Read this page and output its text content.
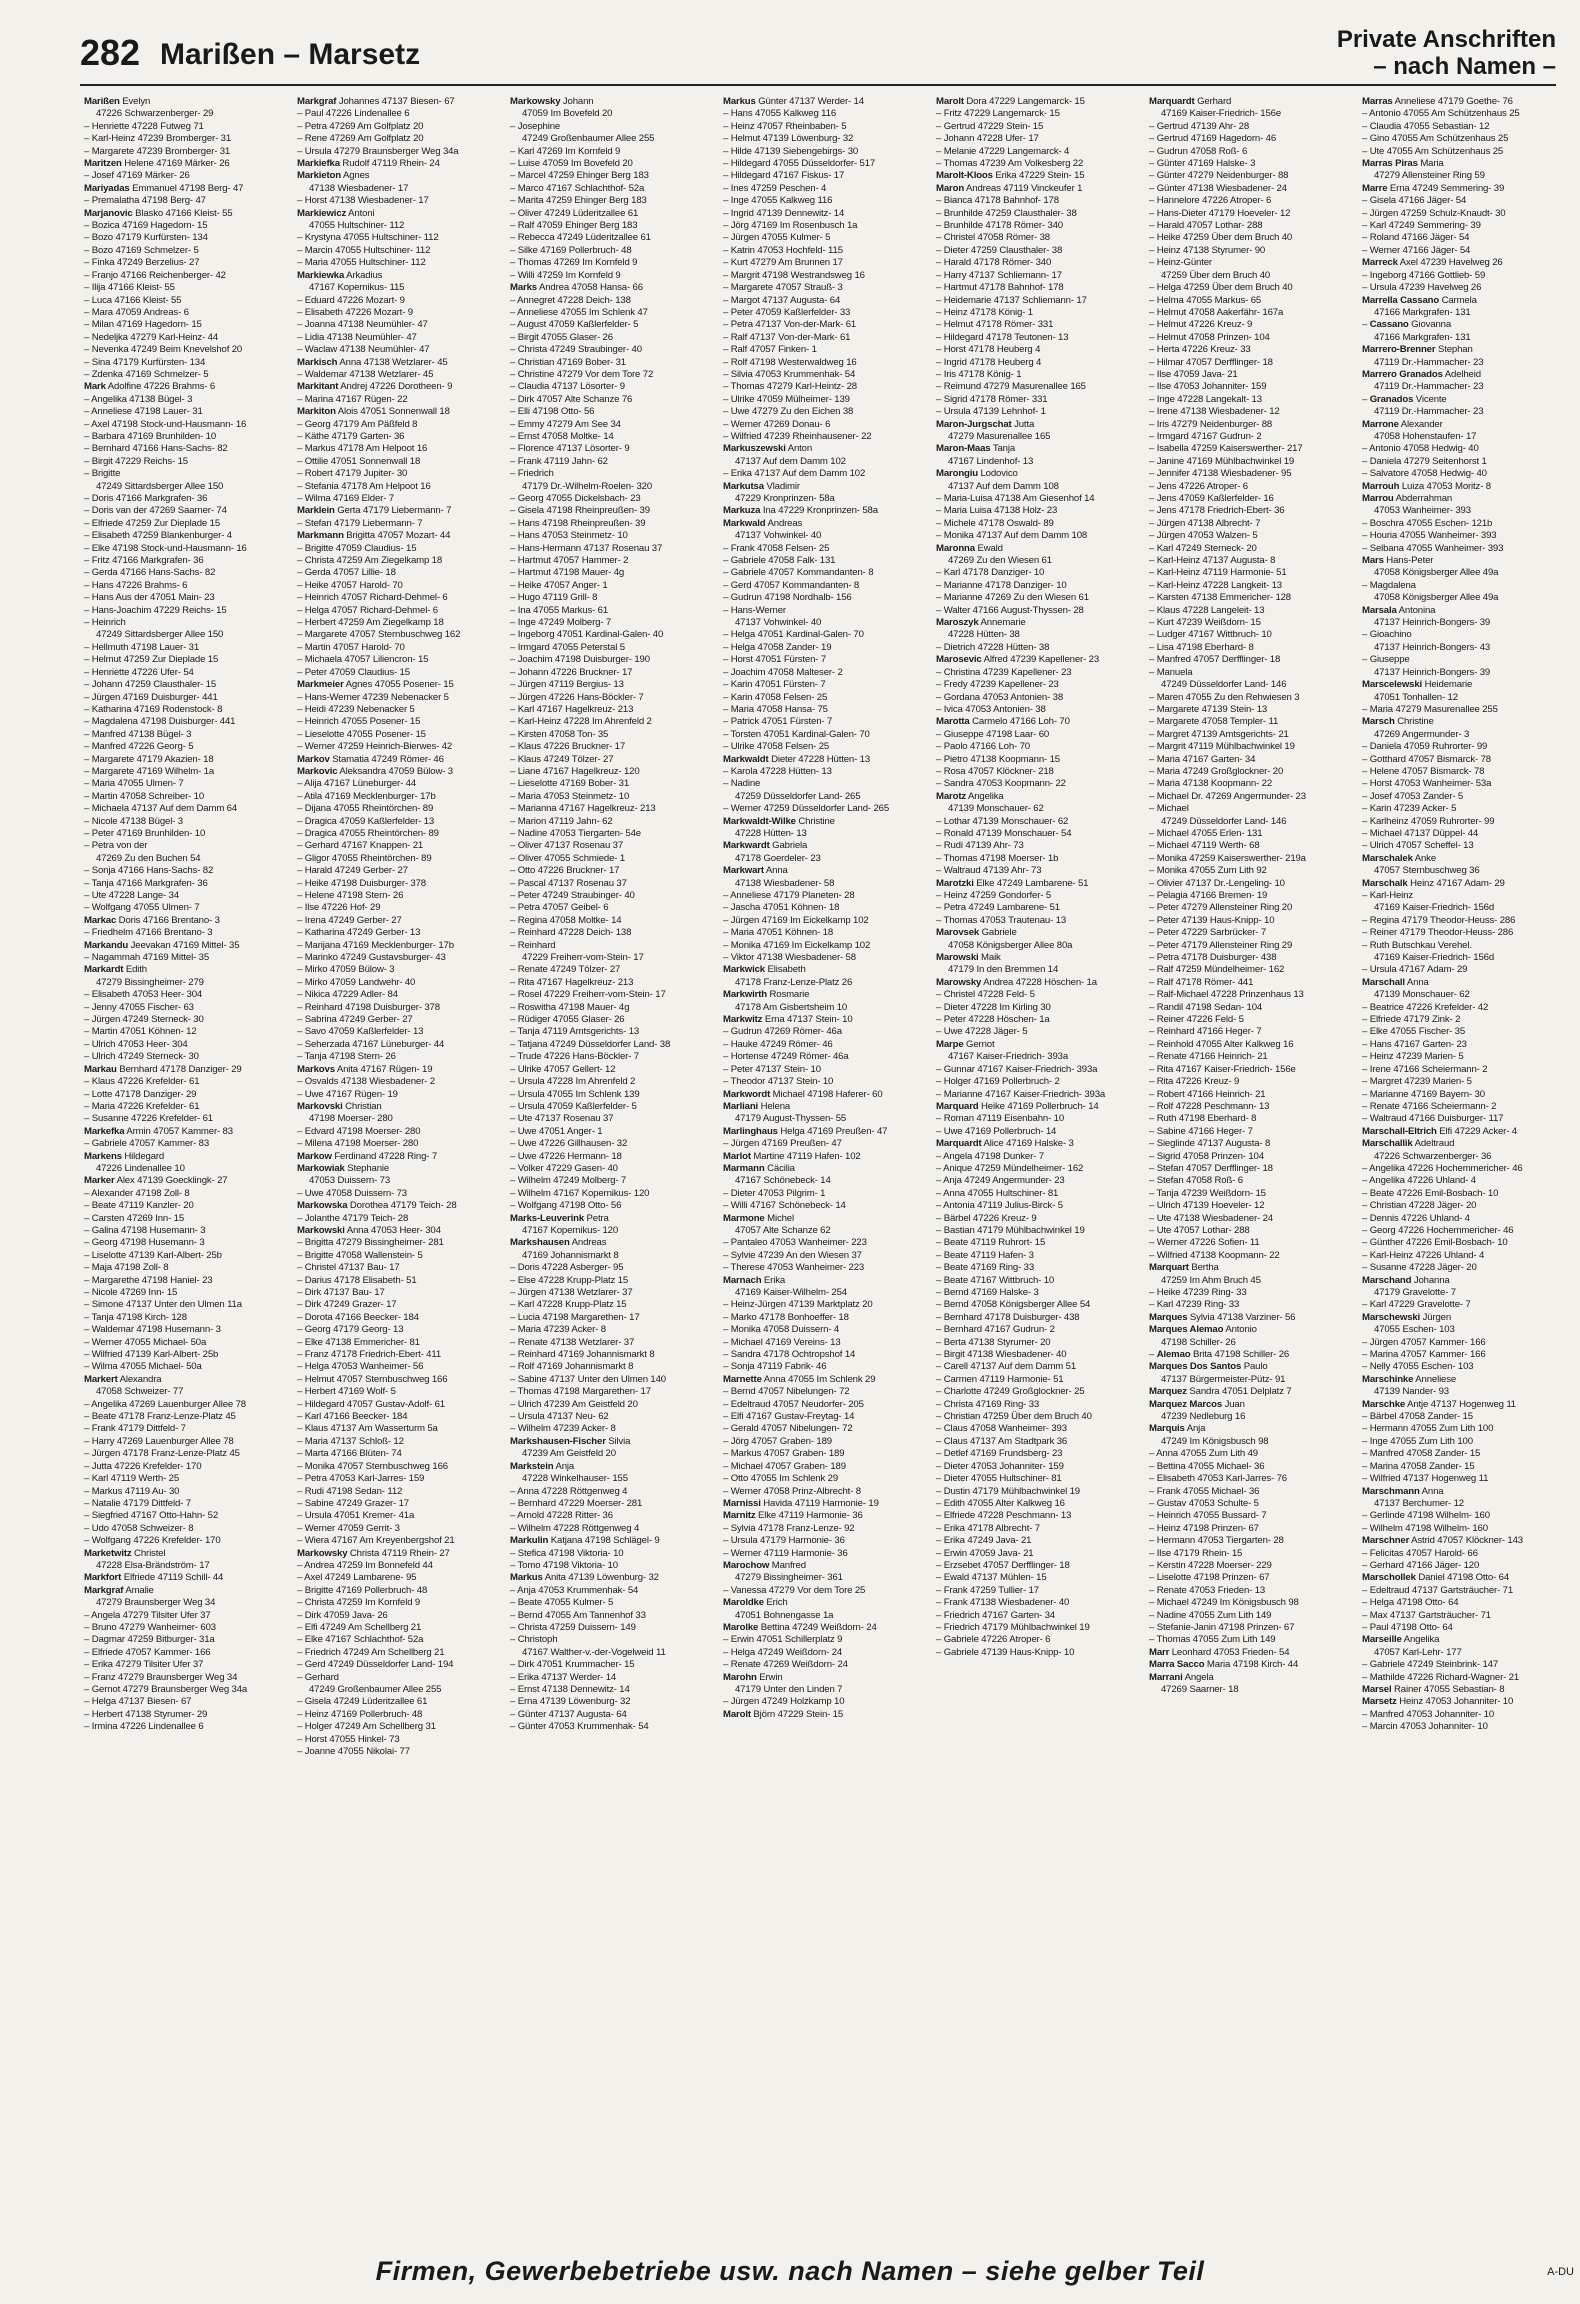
282 Marißen – Marsetz	Private Anschriften
– nach Namen –
Marißen Evelyn
47226 Schwarzenberger- 29
– Henriette 47228 Futweg 71
– Karl-Heinz 47239 Bromberger- 31
– Margarete 47239 Bromberger- 31
Maritzen Helene 47169 Märker- 26
– Josef 47169 Märker- 26
Mariyadas Emmanuel 47198 Berg- 47
– Premalatha 47198 Berg- 47
Marjanovic Blasko 47166 Kleist- 55
– Bozica 47169 Hagedorn- 15
– Bozo 47179 Kurfürsten- 134
– Bozo 47169 Schmelzer- 5
– Finka 47249 Berzelius- 27
– Franjo 47166 Reichenberger- 42
– Ilija 47166 Kleist- 55
– Luca 47166 Kleist- 55
– Mara 47059 Andreas- 6
– Milan 47169 Hagedorn- 15
– Nedeljka 47279 Karl-Heinz- 44
– Nevenka 47249 Beim Knevelshof 20
– Sina 47179 Kurfürsten- 134
– Zdenka 47169 Schmelzer- 5
Mark Adolfine 47226 Brahms- 6
– Angelika 47138 Bügel- 3
– Anneliese 47198 Lauer- 31
– Axel 47198 Stock-und-Hausmann- 16
– Barbara 47169 Brunhilden- 10
– Bernhard 47166 Hans-Sachs- 82
– Birgit 47229 Reichs- 15
– Brigitte
47249 Sittardsberger Allee 150
– Doris 47166 Markgrafen- 36
– Doris van der 47269 Saarner- 74
– Elfriede 47259 Zur Dieplade 15
– Elisabeth 47259 Blankenburger- 4
– Elke 47198 Stock-und-Hausmann- 16
– Fritz 47166 Markgrafen- 36
– Gerda 47166 Hans-Sachs- 82
– Hans 47226 Brahms- 6
– Hans Aus der 47051 Main- 23
– Hans-Joachim 47229 Reichs- 15
– Heinrich
47249 Sittardsberger Allee 150
– Hellmuth 47198 Lauer- 31
– Helmut 47259 Zur Dieplade 15
– Henriette 47226 Ufer- 54
– Johann 47259 Clausthaler- 15
– Jürgen 47169 Duisburger- 441
– Katharina 47169 Rodenstock- 8
– Magdalena 47198 Duisburger- 441
– Manfred 47138 Bügel- 3
– Manfred 47226 Georg- 5
– Margarete 47179 Akazien- 18
– Margarete 47169 Wilhelm- 1a
– Maria 47055 Ulmen- 7
– Martin 47058 Schreiber- 10
– Michaela 47137 Auf dem Damm 64
– Nicole 47138 Bügel- 3
– Peter 47169 Brunhilden- 10
– Petra von der
47269 Zu den Buchen 54
– Sonja 47166 Hans-Sachs- 82
– Tanja 47166 Markgrafen- 36
– Ute 47228 Lange- 34
– Wolfgang 47055 Ulmen- 7
Markac Doris 47166 Brentano- 3
– Friedhelm 47166 Brentano- 3
Markandu Jeevakan 47169 Mittel- 35
– Nagammah 47169 Mittel- 35
Markardt Edith
47279 Bissingheimer- 279
– Elisabeth 47053 Heer- 304
– Jenny 47055 Fischer- 63
– Jürgen 47249 Sterneck- 30
– Martin 47051 Köhnen- 12
– Ulrich 47053 Heer- 304
– Ulrich 47249 Sterneck- 30
Markau Bernhard 47178 Danziger- 29
– Klaus 47226 Krefelder- 61
– Lotte 47178 Danziger- 29
– Maria 47226 Krefelder- 61
– Susanne 47226 Krefelder- 61
Markefka Armin 47057 Kammer- 83
– Gabriele 47057 Kammer- 83
Markens Hildegard
47226 Lindenallee 10
Marker Alex 47139 Goecklingk- 27
– Alexander 47198 Zoll- 8
– Beate 47119 Kanzler- 20
– Carsten 47269 Inn- 15
– Galina 47198 Husemann- 3
– Georg 47198 Husemann- 3
– Liselotte 47139 Karl-Albert- 25b
– Maja 47198 Zoll- 8
– Margarethe 47198 Haniel- 23
– Nicole 47269 Inn- 15
– Simone 47137 Unter den Ulmen 11a
– Tanja 47198 Kirch- 128
– Waldemar 47198 Husemann- 3
– Werner 47055 Michael- 50a
– Wilfried 47139 Karl-Albert- 25b
– Wilma 47055 Michael- 50a
Markert Alexandra
47058 Schweizer- 77
– Angelika 47269 Lauenburger Allee 78
– Beate 47178 Franz-Lenze-Platz 45
– Frank 47179 Dittfeld- 7
– Harry 47269 Lauenburger Allee 78
– Jürgen 47178 Franz-Lenze-Platz 45
– Jutta 47226 Krefelder- 170
– Karl 47119 Werth- 25
– Markus 47119 Au- 30
– Natalie 47179 Dittfeld- 7
– Siegfried 47167 Otto-Hahn- 52
– Udo 47058 Schweizer- 8
– Wolfgang 47226 Krefelder- 170
Marketwitz Christel
47228 Elsa-Brändström- 17
Markfort Elfriede 47119 Schill- 44
Markgraf Amalie
47279 Braunsberger Weg 34
– Angela 47279 Tilsiter Ufer 37
– Bruno 47279 Wanheimer- 603
– Dagmar 47259 Bitburger- 31a
– Elfriede 47057 Kammer- 166
– Erika 47279 Tilsiter Ufer 37
– Franz 47279 Braunsberger Weg 34
– Gernot 47279 Braunsberger Weg 34a
– Helga 47137 Biesen- 67
– Herbert 47138 Styrumer- 29
– Irmina 47226 Lindenallee 6
Markgraf Johannes 47137 Biesen- 67
– Paul 47226 Lindenallee 6
– Petra 47269 Am Golfplatz 20
– Rene 47269 Am Golfplatz 20
– Ursula 47279 Braunsberger Weg 34a
Markiefka Rudolf 47119 Rhein- 24
Markieton Agnes
47138 Wiesbadener- 17
– Horst 47138 Wiesbadener- 17
Markiewicz Antoni
47055 Hultschiner- 112
– Krystyna 47055 Hultschiner- 112
– Marcin 47055 Hultschiner- 112
– Maria 47055 Hultschiner- 112
Markiewka Arkadius
47167 Kopernikus- 115
– Eduard 47226 Mozart- 9
– Elisabeth 47226 Mozart- 9
– Joanna 47138 Neumühler- 47
– Lidia 47138 Neumühler- 47
– Waclaw 47138 Neumühler- 47
Markisch Anna 47138 Wetzlarer- 45
– Waldemar 47138 Wetzlarer- 45
Markitant Andrej 47226 Dorotheen- 9
– Marina 47167 Rügen- 22
Markiton Alois 47051 Sonnenwall 18
– Georg 47179 Am Päßfeld 8
– Käthe 47179 Garten- 36
– Markus 47178 Am Helpoot 16
– Ottilie 47051 Sonnenwall 18
– Robert 47179 Jupiter- 30
– Stefania 47178 Am Helpoot 16
– Wilma 47169 Elder- 7
Marklein Gerta 47179 Liebermann- 7
– Stefan 47179 Liebermann- 7
Markmann Brigitta 47057 Mozart- 44
– Brigitte 47059 Claudius- 15
– Christa 47259 Am Ziegelkamp 18
– Gerda 47057 Lillie- 18
– Heike 47057 Harold- 70
– Heinrich 47057 Richard-Dehmel- 6
– Helga 47057 Richard-Dehmel- 6
– Herbert 47259 Am Ziegelkamp 18
– Margarete 47057 Sternbuschweg 162
– Martin 47057 Harold- 70
– Michaela 47057 Liliencron- 15
– Peter 47059 Claudius- 15
Markmeier Agnes 47055 Posener- 15
– Hans-Werner 47239 Nebenacker 5
– Heidi 47239 Nebenacker 5
– Heinrich 47055 Posener- 15
– Lieselotte 47055 Posener- 15
– Werner 47259 Heinrich-Bierwes- 42
Markov Stamatia 47249 Römer- 46
Markovic Aleksandra 47059 Bülow- 3
– Alija 47167 Lüneburger- 44
– Atila 47169 Mecklenburger- 17b
– Dijana 47055 Rheintörchen- 89
– Dragica 47059 Kaßlerfelder- 13
– Dragica 47055 Rheintörchen- 89
– Gerhard 47167 Knappen- 21
– Gligor 47055 Rheintörchen- 89
– Harald 47249 Gerber- 27
– Heike 47198 Duisburger- 378
– Helene 47198 Stern- 26
– Ilse 47226 Hof- 29
– Irena 47249 Gerber- 27
– Katharina 47249 Gerber- 13
– Marijana 47169 Mecklenburger- 17b
– Marinko 47249 Gustavsburger- 43
– Mirko 47059 Bülow- 3
– Mirko 47059 Landwehr- 40
– Nikica 47229 Adler- 84
– Reinhard 47198 Duisburger- 378
– Sabrina 47249 Gerber- 27
– Savo 47059 Kaßlerfelder- 13
– Seherzada 47167 Lüneburger- 44
– Tanja 47198 Stern- 26
Markovs Anita 47167 Rügen- 19
– Osvalds 47138 Wiesbadener- 2
– Uwe 47167 Rügen- 19
Markovski Christian
47198 Moerser- 280
– Edvard 47198 Moerser- 280
– Milena 47198 Moerser- 280
Markow Ferdinand 47228 Ring- 7
Markowiak Stephanie
47053 Duissern- 73
– Uwe 47058 Duissern- 73
Markowska Dorothea 47179 Teich- 28
– Jolanthe 47179 Teich- 28
Markowski Anna 47053 Heer- 304
– Brigitta 47279 Bissingheimer- 281
– Brigitte 47058 Wallenstein- 5
– Christel 47137 Bau- 17
– Darius 47178 Elisabeth- 51
– Dirk 47137 Bau- 17
– Dirk 47249 Grazer- 17
– Dorota 47166 Beecker- 184
– Georg 47179 Georg- 13
– Elke 47138 Emmericher- 81
– Franz 47178 Friedrich-Ebert- 411
– Helga 47053 Wanheimer- 56
– Helmut 47057 Sternbuschweg 166
– Herbert 47169 Wolf- 5
– Hildegard 47057 Gustav-Adolf- 61
– Karl 47166 Beecker- 184
– Klaus 47137 Am Wasserturm 5a
– Maria 47137 Schloß- 12
– Marta 47166 Blüten- 74
– Monika 47057 Sternbuschweg 166
– Petra 47053 Karl-Jarres- 159
– Rudi 47198 Sedan- 112
– Sabine 47249 Grazer- 17
– Ursula 47051 Kremer- 41a
– Werner 47059 Gerrit- 3
– Wiera 47167 Am Kreyenbergshof 21
Markowsky Christa 47119 Rhein- 27
– Andrea 47259 Im Bonnefeld 44
– Axel 47249 Lambarene- 95
– Brigitte 47169 Pollerbruch- 48
– Christa 47259 Im Kornfeld 9
– Dirk 47059 Java- 26
– Elfi 47249 Am Schellberg 21
– Elke 47167 Schlachthof- 52a
– Friedrich 47249 Am Schellberg 21
– Gerd 47249 Düsseldorfer Land- 194
– Gerhard
47249 Großenbaumer Allee 255
– Gisela 47249 Lüderitzallee 61
– Heinz 47169 Pollerbruch- 48
– Holger 47249 Am Schellberg 31
– Horst 47055 Hinkel- 73
– Joanne 47055 Nikolai- 77
Markowsky Johann
47059 Im Bovefeld 20
– Josephine
47249 Großenbaumer Allee 255
– Karl 47269 Im Kornfeld 9
– Luise 47059 Im Bovefeld 20
– Marcel 47259 Ehinger Berg 183
– Marco 47167 Schlachthof- 52a
– Marita 47259 Ehinger Berg 183
– Oliver 47249 Lüderitzallee 61
– Ralf 47059 Ehinger Berg 183
– Rebecca 47249 Lüderitzallee 61
– Silke 47169 Pollerbruch- 48
– Thomas 47269 Im Kornfeld 9
– Willi 47259 Im Kornfeld 9
Marks Andrea 47058 Hansa- 66
– Annegret 47228 Deich- 138
– Anneliese 47055 Im Schlenk 47
– August 47059 Kaßlerfelder- 5
– Birgit 47055 Glaser- 26
– Christa 47249 Straubinger- 40
– Christian 47169 Bober- 31
– Christine 47279 Vor dem Tore 72
– Claudia 47137 Lösorter- 9
– Dirk 47057 Alte Schanze 76
– Elli 47198 Otto- 56
– Emmy 47279 Am See 34
– Ernst 47058 Moltke- 14
– Florence 47137 Lösorter- 9
– Frank 47119 Jahn- 62
– Friedrich
47179 Dr.-Wilhelm-Roelen- 320
– Georg 47055 Dickelsbach- 23
– Gisela 47198 Rheinpreußen- 39
– Hans 47198 Rheinpreußen- 39
– Hans 47053 Steinmetz- 10
– Hans-Hermann 47137 Rosenau 37
– Hartmut 47057 Hammer- 2
– Hartmut 47198 Mauer- 4g
– Heike 47057 Anger- 1
– Hugo 47119 Grill- 8
– Ina 47055 Markus- 61
– Inge 47249 Molberg- 7
– Ingeborg 47051 Kardinal-Galen- 40
– Irmgard 47055 Peterstal 5
– Joachim 47198 Duisburger- 190
– Johann 47226 Bruckner- 17
– Jürgen 47119 Bergius- 13
– Jürgen 47226 Hans-Böckler- 7
– Karl 47167 Hagelkreuz- 213
– Karl-Heinz 47228 Im Ahrenfeld 2
– Kirsten 47058 Ton- 35
– Klaus 47226 Bruckner- 17
– Klaus 47249 Tölzer- 27
– Liane 47167 Hagelkreuz- 120
– Lieselotte 47169 Bober- 31
– Maria 47053 Steinmetz- 10
– Marianna 47167 Hagelkreuz- 213
– Marion 47119 Jahn- 62
– Nadine 47053 Tiergarten- 54e
– Oliver 47137 Rosenau 37
– Oliver 47055 Schmiede- 1
– Otto 47226 Bruckner- 17
– Pascal 47137 Rosenau 37
– Peter 47249 Straubinger- 40
– Petra 47057 Geibel- 6
– Regina 47058 Moltke- 14
– Reinhard 47228 Deich- 138
– Reinhard
47229 Freiherr-vom-Stein- 17
– Renate 47249 Tölzer- 27
– Rita 47167 Hagelkreuz- 213
– Rosel 47229 Freiherr-vom-Stein- 17
– Roswitha 47198 Mauer- 4g
– Rüdiger 47055 Glaser- 26
– Tanja 47119 Amtsgerichts- 13
– Tatjana 47249 Düsseldorfer Land- 38
– Trude 47226 Hans-Böckler- 7
– Ulrike 47057 Gellert- 12
– Ursula 47228 Im Ahrenfeld 2
– Ursula 47055 Im Schlenk 139
– Ursula 47059 Kaßlerfelder- 5
– Ute 47137 Rosenau 37
– Uwe 47051 Anger- 1
– Uwe 47226 Gillhausen- 32
– Uwe 47226 Hermann- 18
– Volker 47229 Gasen- 40
– Wilhelm 47249 Molberg- 7
– Wilhelm 47167 Kopernikus- 120
– Wolfgang 47198 Otto- 56
Marks-Leuverink Petra
47167 Kopernikus- 120
Markshausen Andreas
47169 Johannismarkt 8
– Doris 47228 Asberger- 95
– Else 47228 Krupp-Platz 15
– Jürgen 47138 Wetzlarer- 37
– Karl 47228 Krupp-Platz 15
– Lucia 47198 Margarethen- 17
– Maria 47239 Acker- 8
– Renate 47138 Wetzlarer- 37
– Reinhard 47169 Johannismarkt 8
– Rolf 47169 Johannismarkt 8
– Sabine 47137 Unter den Ulmen 140
– Thomas 47198 Margarethen- 17
– Ulrich 47239 Am Geistfeld 20
– Ursula 47137 Neu- 62
– Wilhelm 47239 Acker- 8
Markshausen-Fischer Silvia
47239 Am Geistfeld 20
Markstein Anja
47228 Winkelhauser- 155
– Anna 47228 Röttgenweg 4
– Bernhard 47229 Moerser- 281
– Arnold 47228 Ritter- 36
– Wilhelm 47228 Röttgenweg 4
Markulin Katjana 47198 Schlägel- 9
– Stefica 47198 Viktoria- 10
– Tomo 47198 Viktoria- 10
Markus Anita 47139 Löwenburg- 32
– Anja 47053 Krummenhak- 54
– Beate 47055 Kulmer- 5
– Bernd 47055 Am Tannenhof 33
– Christa 47259 Duissern- 149
– Christoph
47167 Walther-v.-der-Vogelweid 11
– Dirk 47051 Krummacher- 15
– Erika 47137 Werder- 14
– Ernst 47138 Dennewitz- 14
– Erna 47139 Löwenburg- 32
– Günter 47137 Augusta- 64
– Günter 47053 Krummenhak- 54
Markus Günter 47137 Werder- 14
– Hans 47055 Kalkweg 116
– Heinz 47057 Rheinbaben- 5
– Helmut 47139 Löwenburg- 32
– Hilde 47139 Siebengebirgs- 30
– Hildegard 47055 Düsseldorfer- 517
– Hildegard 47167 Fiskus- 17
– Ines 47259 Peschen- 4
– Inge 47055 Kalkweg 116
– Ingrid 47139 Dennewitz- 14
– Jörg 47169 Im Rosenbusch 1a
– Jürgen 47055 Kulmer- 5
– Katrin 47053 Hochfeld- 115
– Kurt 47279 Am Brunnen 17
– Margrit 47198 Westrandsweg 16
– Margarete 47057 Strauß- 3
– Margot 47137 Augusta- 64
– Peter 47059 Kaßlerfelder- 33
– Petra 47137 Von-der-Mark- 61
– Ralf 47137 Von-der-Mark- 61
– Ralf 47057 Finken- 1
– Rolf 47198 Westerwaldweg 16
– Silvia 47053 Krummenhak- 54
– Thomas 47279 Karl-Heintz- 28
– Ulrike 47059 Mülheimer- 139
– Uwe 47279 Zu den Eichen 38
– Werner 47269 Donau- 6
– Wilfried 47239 Rheinhausener- 22
Markuszewski Anton
47137 Auf dem Damm 102
– Erika 47137 Auf dem Damm 102
Markutsa Vladimir
47229 Kronprinzen- 58a
Markuza Ina 47229 Kronprinzen- 58a
Markwald Andreas
47137 Vohwinkel- 40
– Frank 47058 Felsen- 25
– Gabriele 47058 Falk- 131
– Gabriele 47057 Kommandanten- 8
– Gerd 47057 Kommandanten- 8
– Gudrun 47198 Nordhalb- 156
– Hans-Werner
47137 Vohwinkel- 40
– Helga 47051 Kardinal-Galen- 70
– Helga 47058 Zander- 19
– Horst 47051 Fürsten- 7
– Joachim 47058 Malteser- 2
– Karin 47051 Fürsten- 7
– Karin 47058 Felsen- 25
– Maria 47058 Hansa- 75
– Patrick 47051 Fürsten- 7
– Torsten 47051 Kardinal-Galen- 70
– Ulrike 47058 Felsen- 25
Markwaldt Dieter 47228 Hütten- 13
– Karola 47228 Hütten- 13
– Nadine
47259 Düsseldorfer Land- 265
– Werner 47259 Düsseldorfer Land- 265
Markwaldt-Wilke Christine
47228 Hütten- 13
Markwardt Gabriela
47178 Goerdeler- 23
Markwart Anna
47138 Wiesbadener- 58
– Anneliese 47179 Planeten- 28
– Jascha 47051 Köhnen- 18
– Jürgen 47169 Im Eickelkamp 102
– Maria 47051 Köhnen- 18
– Monika 47169 Im Eickelkamp 102
– Viktor 47138 Wiesbadener- 58
Markwick Elisabeth
47178 Franz-Lenze-Platz 26
Markwirth Rosmarie
47178 Am Gisbertsheim 10
Markwitz Erna 47137 Stein- 10
– Gudrun 47269 Römer- 46a
– Hauke 47249 Römer- 46
– Hortense 47249 Römer- 46a
– Peter 47137 Stein- 10
– Theodor 47137 Stein- 10
Markwordt Michael 47198 Haferer- 60
Marliani Helena
47179 August-Thyssen- 55
Marlinghaus Helga 47169 Preußen- 47
– Jürgen 47169 Preußen- 47
Marlot Martine 47119 Hafen- 102
Marmann Cäcilia
47167 Schönebeck- 14
– Dieter 47053 Pilgrim- 1
– Willi 47167 Schönebeck- 14
Marmone Michel
47057 Alte Schanze 62
– Pantaleo 47053 Wanheimer- 223
– Sylvie 47239 An den Wiesen 37
– Therese 47053 Wanheimer- 223
Marnach Erika
47169 Kaiser-Wilhelm- 254
– Heinz-Jürgen 47139 Marktplatz 20
– Marko 47178 Bonhoeffer- 18
– Monika 47058 Duissern- 4
– Michael 47169 Vereins- 13
– Sandra 47178 Ochtropshof 14
– Sonja 47119 Fabrik- 46
Marnette Anna 47055 Im Schlenk 29
– Bernd 47057 Nibelungen- 72
– Edeltraud 47057 Neudorfer- 205
– Elfi 47167 Gustav-Freytag- 14
– Gerald 47057 Nibelungen- 72
– Jörg 47057 Graben- 189
– Markus 47057 Graben- 189
– Michael 47057 Graben- 189
– Otto 47055 Im Schlenk 29
– Werner 47058 Prinz-Albrecht- 8
Marnissi Havida 47119 Harmonie- 19
Marnitz Elke 47119 Harmonie- 36
– Sylvia 47178 Franz-Lenze- 92
– Ursula 47179 Harmonie- 36
– Werner 47119 Harmonie- 36
Marochow Manfred
47279 Bissingheimer- 361
– Vanessa 47279 Vor dem Tore 25
Maroldke Erich
47051 Bohnengasse 1a
Marolke Bettina 47249 Weißdorn- 24
– Erwin 47051 Schillerplatz 9
– Helga 47249 Weißdorn- 24
– Renate 47269 Weißdorn- 24
Marohn Erwin
47179 Unter den Linden 7
– Jürgen 47249 Holzkamp 10
Marolt Björn 47229 Stein- 15
Marolt Dora 47229 Langemarck- 15
– Fritz 47229 Langemarck- 15
– Gertrud 47229 Stein- 15
– Johann 47228 Ufer- 17
– Melanie 47229 Langemarck- 4
– Thomas 47239 Am Volkesberg 22
Marolt-Kloos Erika 47229 Stein- 15
Maron Andreas 47119 Vinckeufer 1
– Bianca 47178 Bahnhof- 178
– Brunhilde 47259 Clausthaler- 38
– Brunhilde 47178 Römer- 340
– Christel 47058 Römer- 38
– Dieter 47259 Clausthaler- 38
– Harald 47178 Römer- 340
– Harry 47137 Schliemann- 17
– Hartmut 47178 Bahnhof- 178
– Heidemarie 47137 Schliemann- 17
– Heinz 47178 König- 1
– Helmut 47178 Römer- 331
– Hildegard 47178 Teutonen- 13
– Horst 47178 Heuberg 4
– Ingrid 47178 Heuberg 4
– Iris 47178 König- 1
– Reimund 47279 Masurenallee 165
– Sigrid 47178 Römer- 331
– Ursula 47139 Lehnhof- 1
Maron-Jurgschat Jutta
47279 Masurenallee 165
Maron-Maas Tanja
47167 Lindenhof- 13
Marongiu Lodovico
47137 Auf dem Damm 108
– Maria-Luisa 47138 Am Giesenhof 14
– Maria Luisa 47138 Holz- 23
– Michele 47178 Oswald- 89
– Monika 47137 Auf dem Damm 108
Maronna Ewald
47269 Zu den Wiesen 61
– Karl 47178 Danziger- 10
– Marianne 47178 Danziger- 10
– Marianne 47269 Zu den Wiesen 61
– Walter 47166 August-Thyssen- 28
Maroszyk Annemarie
47228 Hütten- 38
– Dietrich 47228 Hütten- 38
Marosevic Alfred 47239 Kapellener- 23
– Christina 47239 Kapellener- 23
– Fredy 47239 Kapellener- 23
– Gordana 47053 Antonien- 38
– Ivica 47053 Antonien- 38
Marotta Carmelo 47166 Loh- 70
– Giuseppe 47198 Laar- 60
– Paolo 47166 Loh- 70
– Pietro 47138 Koopmann- 15
– Rosa 47057 Klöckner- 218
– Sandra 47053 Koopmann- 22
Marotz Angelika
47139 Monschauer- 62
– Lothar 47139 Monschauer- 62
– Ronald 47139 Monschauer- 54
– Rudi 47139 Ahr- 73
– Thomas 47198 Moerser- 1b
– Waltraud 47139 Ahr- 73
Marotzki Elke 47249 Lambarene- 51
– Heinz 47259 Gondorfer- 5
– Petra 47249 Lambarene- 51
– Thomas 47053 Trautenau- 13
Marovsek Gabriele
47058 Königsberger Allee 80a
Marowski Maik
47179 In den Bremmen 14
Marowsky Andrea 47228 Höschen- 1a
– Christel 47228 Feld- 5
– Dieter 47228 Im Kirling 30
– Peter 47228 Höschen- 1a
– Uwe 47228 Jäger- 5
Marpe Gernot
47167 Kaiser-Friedrich- 393a
– Gunnar 47167 Kaiser-Friedrich- 393a
– Holger 47169 Pollerbruch- 2
– Marianne 47167 Kaiser-Friedrich- 393a
Marquard Heike 47169 Pollerbruch- 14
– Roman 47119 Eisenbahn- 10
– Uwe 47169 Pollerbruch- 14
Marquardt Alice 47169 Halske- 3
– Angela 47198 Dunker- 7
– Anique 47259 Mündelheimer- 162
– Anja 47249 Angermunder- 23
– Anna 47055 Hultschiner- 81
– Antonia 47119 Julius-Birck- 5
– Bärbel 47226 Kreuz- 9
– Bastian 47179 Mühlbachwinkel 19
– Beate 47119 Ruhrort- 15
– Beate 47119 Hafen- 3
– Beate 47169 Ring- 33
– Beate 47167 Wittbruch- 10
– Bernd 47169 Halske- 3
– Bernd 47058 Königsberger Allee 54
– Bernhard 47178 Duisburger- 438
– Bernhard 47167 Gudrun- 2
– Berta 47138 Styrumer- 20
– Birgit 47138 Wiesbadener- 40
– Carell 47137 Auf dem Damm 51
– Carmen 47119 Harmonie- 51
– Charlotte 47249 Großglockner- 25
– Christa 47169 Ring- 33
– Christian 47259 Über dem Bruch 40
– Claus 47058 Wanheimer- 393
– Claus 47137 Am Stadtpark 36
– Detlef 47169 Frundsberg- 23
– Dieter 47053 Johanniter- 159
– Dieter 47055 Hultschiner- 81
– Dustin 47179 Mühlbachwinkel 19
– Edith 47055 Alter Kalkweg 16
– Elfriede 47228 Peschmann- 13
– Erika 47178 Albrecht- 7
– Erika 47249 Java- 21
– Erwin 47059 Java- 21
– Erzsebet 47057 Derfflinger- 18
– Ewald 47137 Mühlen- 15
– Frank 47259 Tullier- 17
– Frank 47138 Wiesbadener- 40
– Friedrich 47167 Garten- 34
– Friedrich 47179 Mühlbachwinkel 19
– Gabriele 47226 Atroper- 6
– Gabriele 47139 Haus-Knipp- 10
Marquardt Gerhard
47169 Kaiser-Friedrich- 156e
– Gertrud 47139 Ahr- 28
– Gertrud 47169 Hagedorn- 46
– Gudrun 47058 Roß- 6
– Günter 47169 Halske- 3
– Günter 47279 Neidenburger- 88
– Günter 47138 Wiesbadener- 24
– Hannelore 47226 Atroper- 6
– Hans-Dieter 47179 Hoeveler- 12
– Harald 47057 Lothar- 288
– Heike 47259 Über dem Bruch 40
– Heinz 47138 Styrumer- 90
– Heinz-Günter
47259 Über dem Bruch 40
– Helga 47259 Über dem Bruch 40
– Helma 47055 Markus- 65
– Helmut 47058 Aakerfähr- 167a
– Helmut 47226 Kreuz- 9
– Helmut 47058 Prinzen- 104
– Herta 47226 Kreuz- 33
– Hilmar 47057 Derfflinger- 18
– Ilse 47059 Java- 21
– Ilse 47053 Johanniter- 159
– Inge 47228 Langekalt- 13
– Irene 47138 Wiesbadener- 12
– Iris 47279 Neidenburger- 88
– Irmgard 47167 Gudrun- 2
– Isabella 47259 Kaiserswerther- 217
– Janine 47169 Mühlbachwinkel 19
– Jennifer 47138 Wiesbadener- 95
– Jens 47226 Atroper- 6
– Jens 47059 Kaßlerfelder- 16
– Jens 47178 Friedrich-Ebert- 36
– Jürgen 47138 Albrecht- 7
– Jürgen 47053 Walzen- 5
– Karl 47249 Sterneck- 20
– Karl-Heinz 47137 Augusta- 8
– Karl-Heinz 47119 Harmonie- 51
– Karl-Heinz 47228 Langkeit- 13
– Karsten 47138 Emmericher- 128
– Klaus 47228 Langeleit- 13
– Kurt 47239 Weißdorn- 15
– Ludger 47167 Wittbruch- 10
– Lisa 47198 Eberhard- 8
– Manfred 47057 Derfflinger- 18
– Manuela
47249 Düsseldorfer Land- 146
– Maren 47055 Zu den Rehwiesen 3
– Margarete 47139 Stein- 13
– Margarete 47058 Templer- 11
– Margret 47139 Amtsgerichts- 21
– Margrit 47119 Mühlbachwinkel 19
– Maria 47167 Garten- 34
– Maria 47249 Großglockner- 20
– Maria 47138 Koopmann- 22
– Michael Dr. 47269 Angermunder- 23
– Michael
47249 Düsseldorfer Land- 146
– Michael 47055 Erlen- 131
– Michael 47119 Werth- 68
– Monika 47259 Kaiserswerther- 219a
– Monika 47055 Zum Lith 92
– Olivier 47137 Dr.-Lengeling- 10
– Pelagia 47166 Bremen- 19
– Peter 47279 Allensteiner Ring 20
– Peter 47139 Haus-Knipp- 10
– Peter 47229 Sarbrücker- 7
– Peter 47179 Allensteiner Ring 29
– Petra 47178 Duisburger- 438
– Ralf 47259 Mündelheimer- 162
– Ralf 47178 Römer- 441
– Ralf-Michael 47228 Prinzenhaus 13
– Randil 47198 Sedan- 104
– Reiner 47226 Feld- 5
– Reinhard 47166 Heger- 7
– Reinhold 47055 Alter Kalkweg 16
– Renate 47166 Heinrich- 21
– Rita 47167 Kaiser-Friedrich- 156e
– Rita 47226 Kreuz- 9
– Robert 47166 Heinrich- 21
– Rolf 47228 Peschmann- 13
– Ruth 47198 Eberhard- 8
– Sabine 47166 Heger- 7
– Sieglinde 47137 Augusta- 8
– Sigrid 47058 Prinzen- 104
– Stefan 47057 Derfflinger- 18
– Stefan 47058 Roß- 6
– Tanja 47239 Weißdorn- 15
– Ulrich 47139 Hoeveler- 12
– Ute 47138 Wiesbadener- 24
– Ute 47057 Lothar- 288
– Werner 47226 Sofien- 11
– Wilfried 47138 Koopmann- 22
Marquart Bertha
47259 Im Ahm Bruch 45
– Heike 47239 Ring- 33
– Karl 47239 Ring- 33
Marques Sylvia 47138 Varziner- 56
Marques Alemao Antonio
47198 Schiller- 26
– Alemao Brita 47198 Schiller- 26
Marques Dos Santos Paulo
47137 Bürgermeister-Pütz- 91
Marquez Sandra 47051 Delplatz 7
Marquez Marcos Juan
47239 Nedleburg 16
Marquis Anja
47249 Im Königsbusch 98
– Anna 47055 Zum Lith 49
– Bettina 47055 Michael- 36
– Elisabeth 47053 Karl-Jarres- 76
– Frank 47055 Michael- 36
– Gustav 47053 Schulte- 5
– Heinrich 47055 Bussard- 7
– Heinz 47198 Prinzen- 67
– Hermann 47053 Tiergarten- 28
– Ilse 47179 Rhein- 15
– Kerstin 47228 Moerser- 229
– Liselotte 47198 Prinzen- 67
– Renate 47053 Frieden- 13
– Michael 47249 Im Königsbusch 98
– Nadine 47055 Zum Lith 149
– Stefanie-Janin 47198 Prinzen- 67
– Thomas 47055 Zum Lith 149
Marr Leonhard 47053 Frieden- 54
Marra Sacco Maria 47198 Kirch- 44
Marrani Angela
47269 Saarner- 18
Marras Anneliese 47179 Goethe- 76
– Antonio 47055 Am Schützenhaus 25
– Claudia 47055 Sebastian- 12
– Gino 47055 Am Schützenhaus 25
– Ute 47055 Am Schützenhaus 25
Marras Piras Maria
47279 Allensteiner Ring 59
Marre Erna 47249 Semmering- 39
– Gisela 47166 Jäger- 54
– Jürgen 47259 Schulz-Knaudt- 30
– Karl 47249 Semmering- 39
– Roland 47166 Jäger- 54
– Werner 47166 Jäger- 54
Marreck Axel 47239 Havelweg 26
– Ingeborg 47166 Gottlieb- 59
– Ursula 47239 Havelweg 26
Marrella Cassano Carmela
47166 Markgrafen- 131
– Cassano Giovanna
47166 Markgrafen- 131
Marrero-Brenner Stephan
47119 Dr.-Hammacher- 23
Marrero Granados Adelheid
47119 Dr.-Hammacher- 23
– Granados Vicente
47119 Dr.-Hammacher- 23
Marrone Alexander
47058 Hohenstaufen- 17
– Antonio 47058 Hedwig- 40
– Daniela 47279 Seitenhorst 1
– Salvatore 47058 Hedwig- 40
Marrouh Luiza 47053 Moritz- 8
Marrou Abderrahman
47053 Wanheimer- 393
– Boschra 47055 Eschen- 121b
– Houria 47055 Wanheimer- 393
– Selbana 47055 Wanheimer- 393
Mars Hans-Peter
47058 Königsberger Allee 49a
– Magdalena
47058 Königsberger Allee 49a
Marsala Antonina
47137 Heinrich-Bongers- 39
– Gioachino
47137 Heinrich-Bongers- 43
– Giuseppe
47137 Heinrich-Bongers- 39
Marscelewski Heidemarie
47051 Tonhallen- 12
– Maria 47279 Masurenallee 255
Marsch Christine
47269 Angermunder- 3
– Daniela 47059 Ruhrorter- 99
– Gotthard 47057 Bismarck- 78
– Helene 47057 Bismarck- 78
– Horst 47053 Wanheimer- 53a
– Josef 47053 Zander- 5
– Karin 47239 Acker- 5
– Karlheinz 47059 Ruhrorter- 99
– Michael 47137 Düppel- 44
– Ulrich 47057 Scheffel- 13
Marschalek Anke
47057 Sternbuschweg 36
Marschalk Heinz 47167 Adam- 29
– Karl-Heinz
47169 Kaiser-Friedrich- 156d
– Regina 47179 Theodor-Heuss- 286
– Reiner 47179 Theodor-Heuss- 286
– Ruth Butschkau Verehel.
47169 Kaiser-Friedrich- 156d
– Ursula 47167 Adam- 29
Marschall Anna
47139 Monschauer- 62
– Beatrice 47226 Krefelder- 42
– Elfriede 47179 Zink- 2
– Elke 47055 Fischer- 35
– Hans 47167 Garten- 23
– Heinz 47239 Marien- 5
– Irene 47166 Scheiermann- 2
– Margret 47239 Marien- 5
– Marianne 47169 Bayern- 30
– Renate 47166 Scheiermann- 2
– Waltraud 47166 Duisburger- 117
Marschall-Eltrich Elfi 47229 Acker- 4
Marschallik Adeltraud
47226 Schwarzenberger- 36
– Angelika 47226 Hochemmericher- 46
– Angelika 47226 Uhland- 4
– Beate 47226 Emil-Bosbach- 10
– Christian 47228 Jäger- 20
– Dennis 47226 Uhland- 4
– Georg 47226 Hochemmericher- 46
– Günther 47226 Emil-Bosbach- 10
– Karl-Heinz 47226 Uhland- 4
– Susanne 47228 Jäger- 20
Marschand Johanna
47179 Gravelotte- 7
– Karl 47229 Gravelotte- 7
Marschewski Jürgen
47055 Eschen- 103
– Jürgen 47057 Kammer- 166
– Marina 47057 Kammer- 166
– Nelly 47055 Eschen- 103
Marschinke Anneliese
47139 Nander- 93
Marschke Antje 47137 Hogenweg 11
– Bärbel 47058 Zander- 15
– Hermann 47055 Zum Lith 100
– Inge 47055 Zum Lith 100
– Manfred 47058 Zander- 15
– Marina 47058 Zander- 15
– Wilfried 47137 Hogenweg 11
Marschmann Anna
47137 Berchumer- 12
– Gerlinde 47198 Wilhelm- 160
– Wilhelm 47198 Wilhelm- 160
Marschner Astrid 47057 Klöckner- 143
– Felicitas 47057 Harold- 66
– Gerhard 47166 Jäger- 120
Marschollek Daniel 47198 Otto- 64
– Edeltraud 47137 Gartsträucher- 71
– Helga 47198 Otto- 64
– Max 47137 Gartsträucher- 71
– Paul 47198 Otto- 64
Marseille Angelika
47057 Karl-Lehr- 177
– Gabriele 47249 Steinbrink- 147
– Mathilde 47226 Richard-Wagner- 21
Marsel Rainer 47055 Sebastian- 8
Marsetz Heinz 47053 Johanniter- 10
– Manfred 47053 Johanniter- 10
– Marcin 47053 Johanniter- 10
Firmen, Gewerbebetriebe usw. nach Namen – siehe gelber Teil	A-DU
